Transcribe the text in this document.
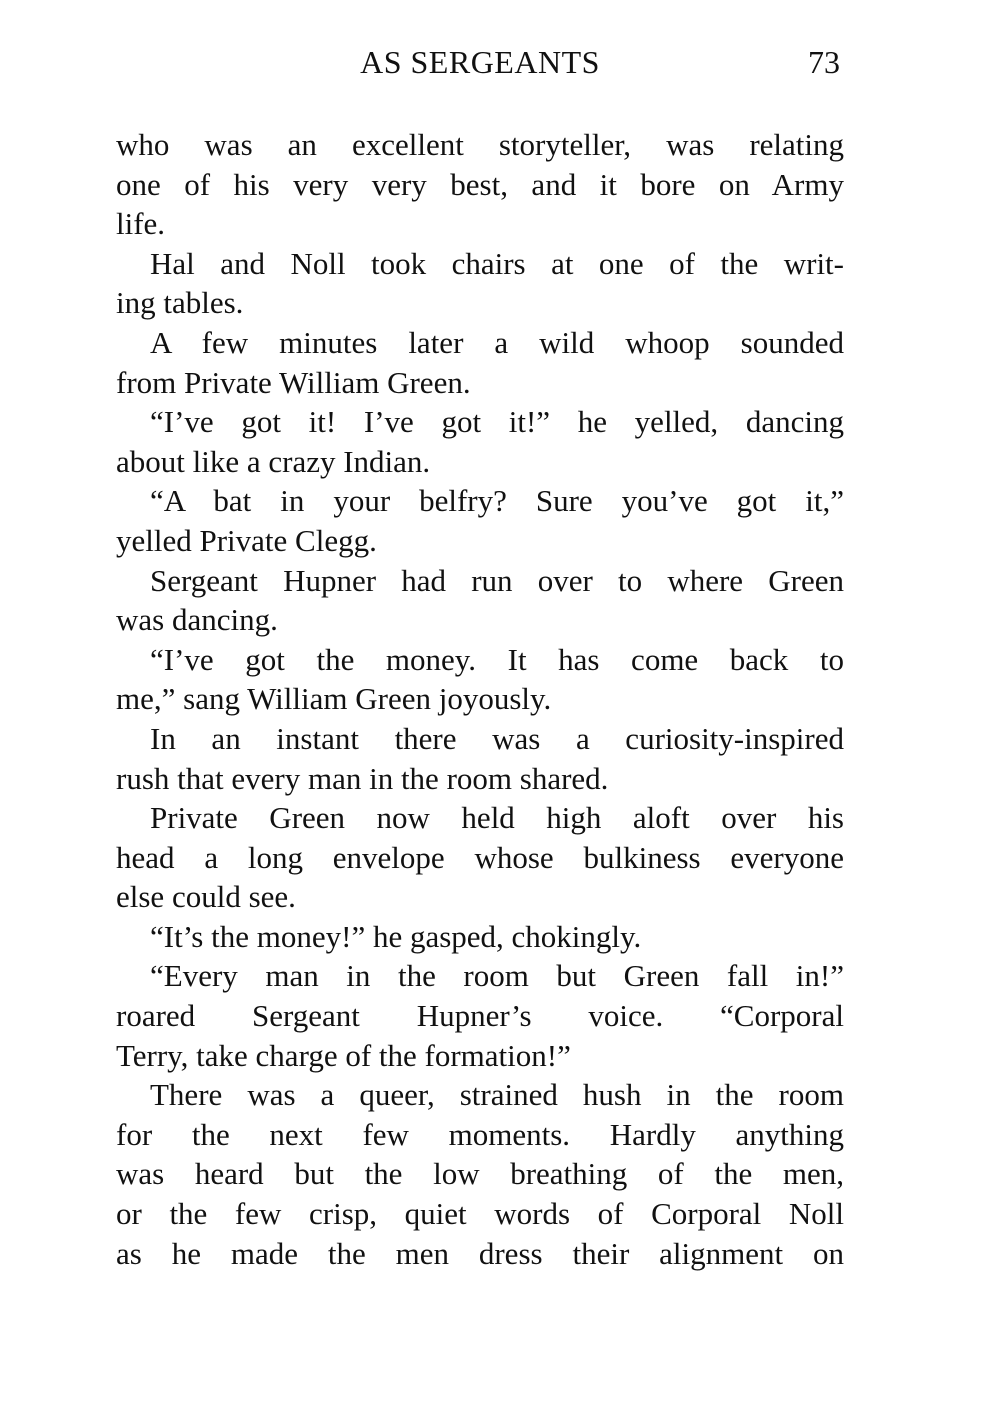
AS SERGEANTS	73
who was an excellent storyteller, was relating
one of his very very best, and it bore on Army
life.
Hal and Noll took chairs at one of the writ-
ing tables.
A few minutes later a wild whoop sounded
from Private William Green.
“I’ve got it! I’ve got it!” he yelled, dancing
about like a crazy Indian.
“A bat in your belfry? Sure you’ve got it,”
yelled Private Clegg.
Sergeant Hupner had run over to where Green
was dancing.
“I’ve got the money. It has come back to
me,” sang William Green joyously.
In an instant there was a curiosity-inspired
rush that every man in the room shared.
Private Green now held high aloft over his
head a long envelope whose bulkiness everyone
else could see.
“It’s the money!” he gasped, chokingly.
“Every man in the room but Green fall in!”
roared Sergeant Hupner’s voice. “Corporal
Terry, take charge of the formation!”
There was a queer, strained hush in the room
for the next few moments. Hardly anything
was heard but the low breathing of the men,
or the few crisp, quiet words of Corporal Noll
as he made the men dress their alignment on
